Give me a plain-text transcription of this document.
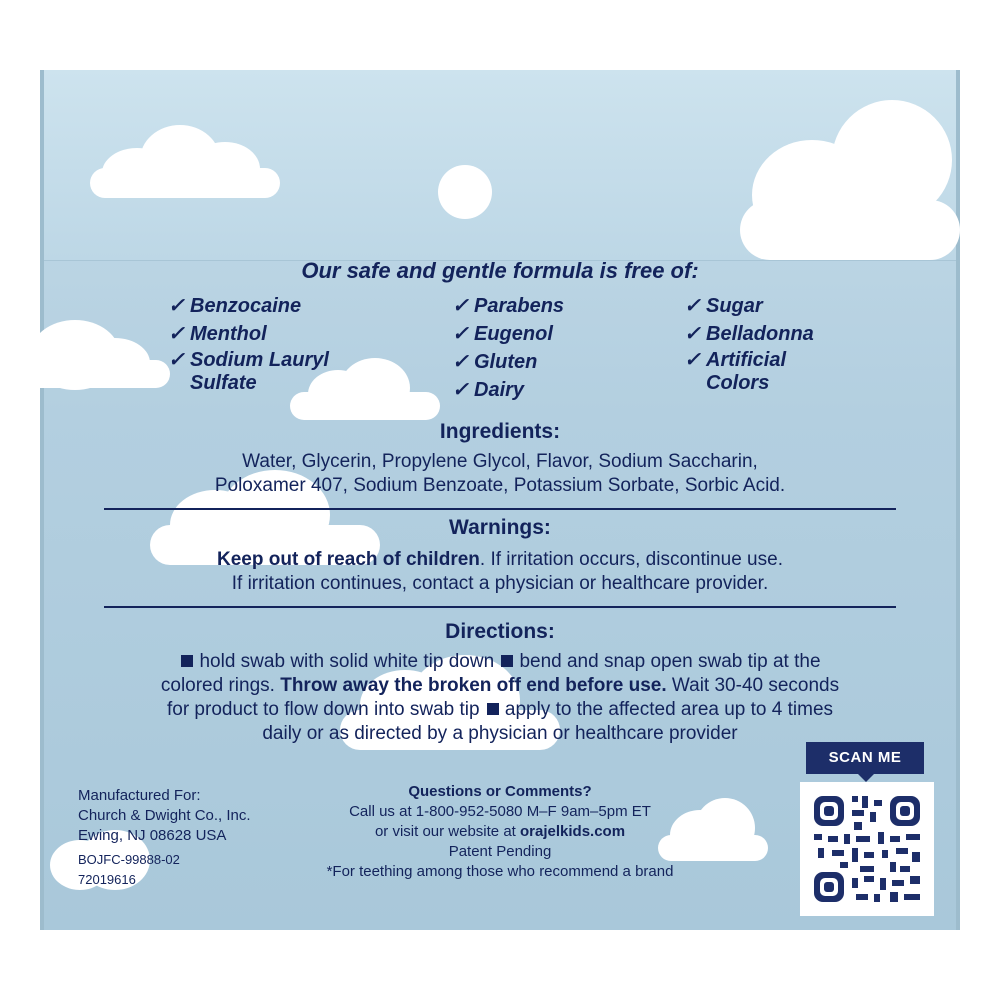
Our safe and gentle formula is free of:
✓ Benzocaine
✓ Menthol
✓ Sodium Lauryl
Sulfate
✓ Parabens
✓ Eugenol
✓ Gluten
✓ Dairy
✓ Sugar
✓ Belladonna
✓ Artificial
Colors
Ingredients:
Water, Glycerin, Propylene Glycol, Flavor, Sodium Saccharin,
Poloxamer 407, Sodium Benzoate, Potassium Sorbate, Sorbic Acid.
Warnings:
Keep out of reach of children. If irritation occurs, discontinue use.
If irritation continues, contact a physician or healthcare provider.
Directions:
hold swab with solid white tip down bend and snap open swab tip at the
colored rings. Throw away the broken off end before use. Wait 30-40 seconds
for product to flow down into swab tip apply to the affected area up to 4 times
daily or as directed by a physician or healthcare provider
Manufactured For:
Church & Dwight Co., Inc.
Ewing, NJ 08628 USA
BOJFC-99888-02
72019616
Questions or Comments?
Call us at 1-800-952-5080 M–F 9am–5pm ET
or visit our website at orajelkids.com
Patent Pending
*For teething among those who recommend a brand
SCAN ME
